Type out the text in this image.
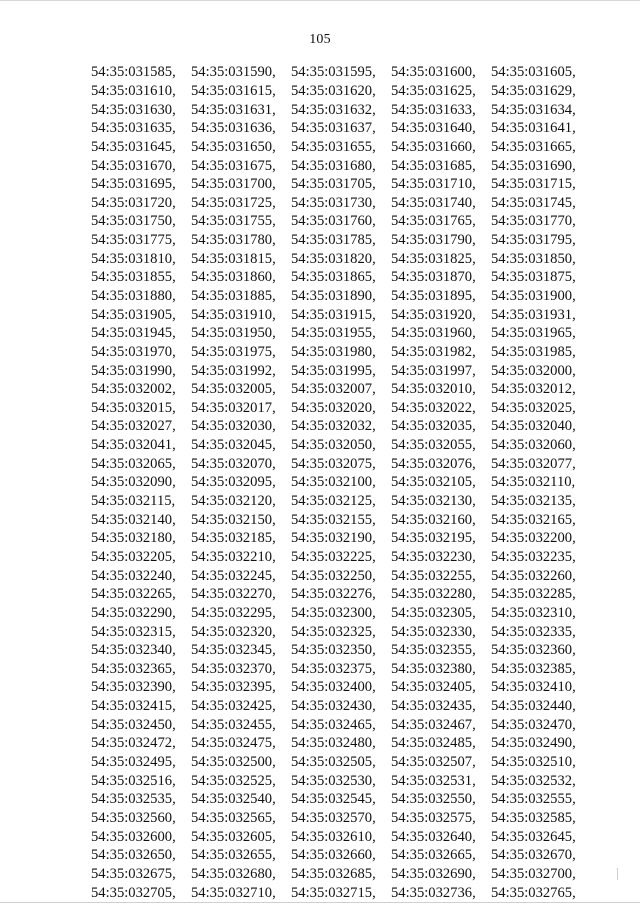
105
54:35:031585,	54:35:031590,	54:35:031595,	54:35:031600,	54:35:031605,
54:35:031610,	54:35:031615,	54:35:031620,	54:35:031625,	54:35:031629,
54:35:031630,	54:35:031631,	54:35:031632,	54:35:031633,	54:35:031634,
54:35:031635,	54:35:031636,	54:35:031637,	54:35:031640,	54:35:031641,
54:35:031645,	54:35:031650,	54:35:031655,	54:35:031660,	54:35:031665,
54:35:031670,	54:35:031675,	54:35:031680,	54:35:031685,	54:35:031690,
54:35:031695,	54:35:031700,	54:35:031705,	54:35:031710,	54:35:031715,
54:35:031720,	54:35:031725,	54:35:031730,	54:35:031740,	54:35:031745,
54:35:031750,	54:35:031755,	54:35:031760,	54:35:031765,	54:35:031770,
54:35:031775,	54:35:031780,	54:35:031785,	54:35:031790,	54:35:031795,
54:35:031810,	54:35:031815,	54:35:031820,	54:35:031825,	54:35:031850,
54:35:031855,	54:35:031860,	54:35:031865,	54:35:031870,	54:35:031875,
54:35:031880,	54:35:031885,	54:35:031890,	54:35:031895,	54:35:031900,
54:35:031905,	54:35:031910,	54:35:031915,	54:35:031920,	54:35:031931,
54:35:031945,	54:35:031950,	54:35:031955,	54:35:031960,	54:35:031965,
54:35:031970,	54:35:031975,	54:35:031980,	54:35:031982,	54:35:031985,
54:35:031990,	54:35:031992,	54:35:031995,	54:35:031997,	54:35:032000,
54:35:032002,	54:35:032005,	54:35:032007,	54:35:032010,	54:35:032012,
54:35:032015,	54:35:032017,	54:35:032020,	54:35:032022,	54:35:032025,
54:35:032027,	54:35:032030,	54:35:032032,	54:35:032035,	54:35:032040,
54:35:032041,	54:35:032045,	54:35:032050,	54:35:032055,	54:35:032060,
54:35:032065,	54:35:032070,	54:35:032075,	54:35:032076,	54:35:032077,
54:35:032090,	54:35:032095,	54:35:032100,	54:35:032105,	54:35:032110,
54:35:032115,	54:35:032120,	54:35:032125,	54:35:032130,	54:35:032135,
54:35:032140,	54:35:032150,	54:35:032155,	54:35:032160,	54:35:032165,
54:35:032180,	54:35:032185,	54:35:032190,	54:35:032195,	54:35:032200,
54:35:032205,	54:35:032210,	54:35:032225,	54:35:032230,	54:35:032235,
54:35:032240,	54:35:032245,	54:35:032250,	54:35:032255,	54:35:032260,
54:35:032265,	54:35:032270,	54:35:032276,	54:35:032280,	54:35:032285,
54:35:032290,	54:35:032295,	54:35:032300,	54:35:032305,	54:35:032310,
54:35:032315,	54:35:032320,	54:35:032325,	54:35:032330,	54:35:032335,
54:35:032340,	54:35:032345,	54:35:032350,	54:35:032355,	54:35:032360,
54:35:032365,	54:35:032370,	54:35:032375,	54:35:032380,	54:35:032385,
54:35:032390,	54:35:032395,	54:35:032400,	54:35:032405,	54:35:032410,
54:35:032415,	54:35:032425,	54:35:032430,	54:35:032435,	54:35:032440,
54:35:032450,	54:35:032455,	54:35:032465,	54:35:032467,	54:35:032470,
54:35:032472,	54:35:032475,	54:35:032480,	54:35:032485,	54:35:032490,
54:35:032495,	54:35:032500,	54:35:032505,	54:35:032507,	54:35:032510,
54:35:032516,	54:35:032525,	54:35:032530,	54:35:032531,	54:35:032532,
54:35:032535,	54:35:032540,	54:35:032545,	54:35:032550,	54:35:032555,
54:35:032560,	54:35:032565,	54:35:032570,	54:35:032575,	54:35:032585,
54:35:032600,	54:35:032605,	54:35:032610,	54:35:032640,	54:35:032645,
54:35:032650,	54:35:032655,	54:35:032660,	54:35:032665,	54:35:032670,
54:35:032675,	54:35:032680,	54:35:032685,	54:35:032690,	54:35:032700,
54:35:032705,	54:35:032710,	54:35:032715,	54:35:032736,	54:35:032765,
